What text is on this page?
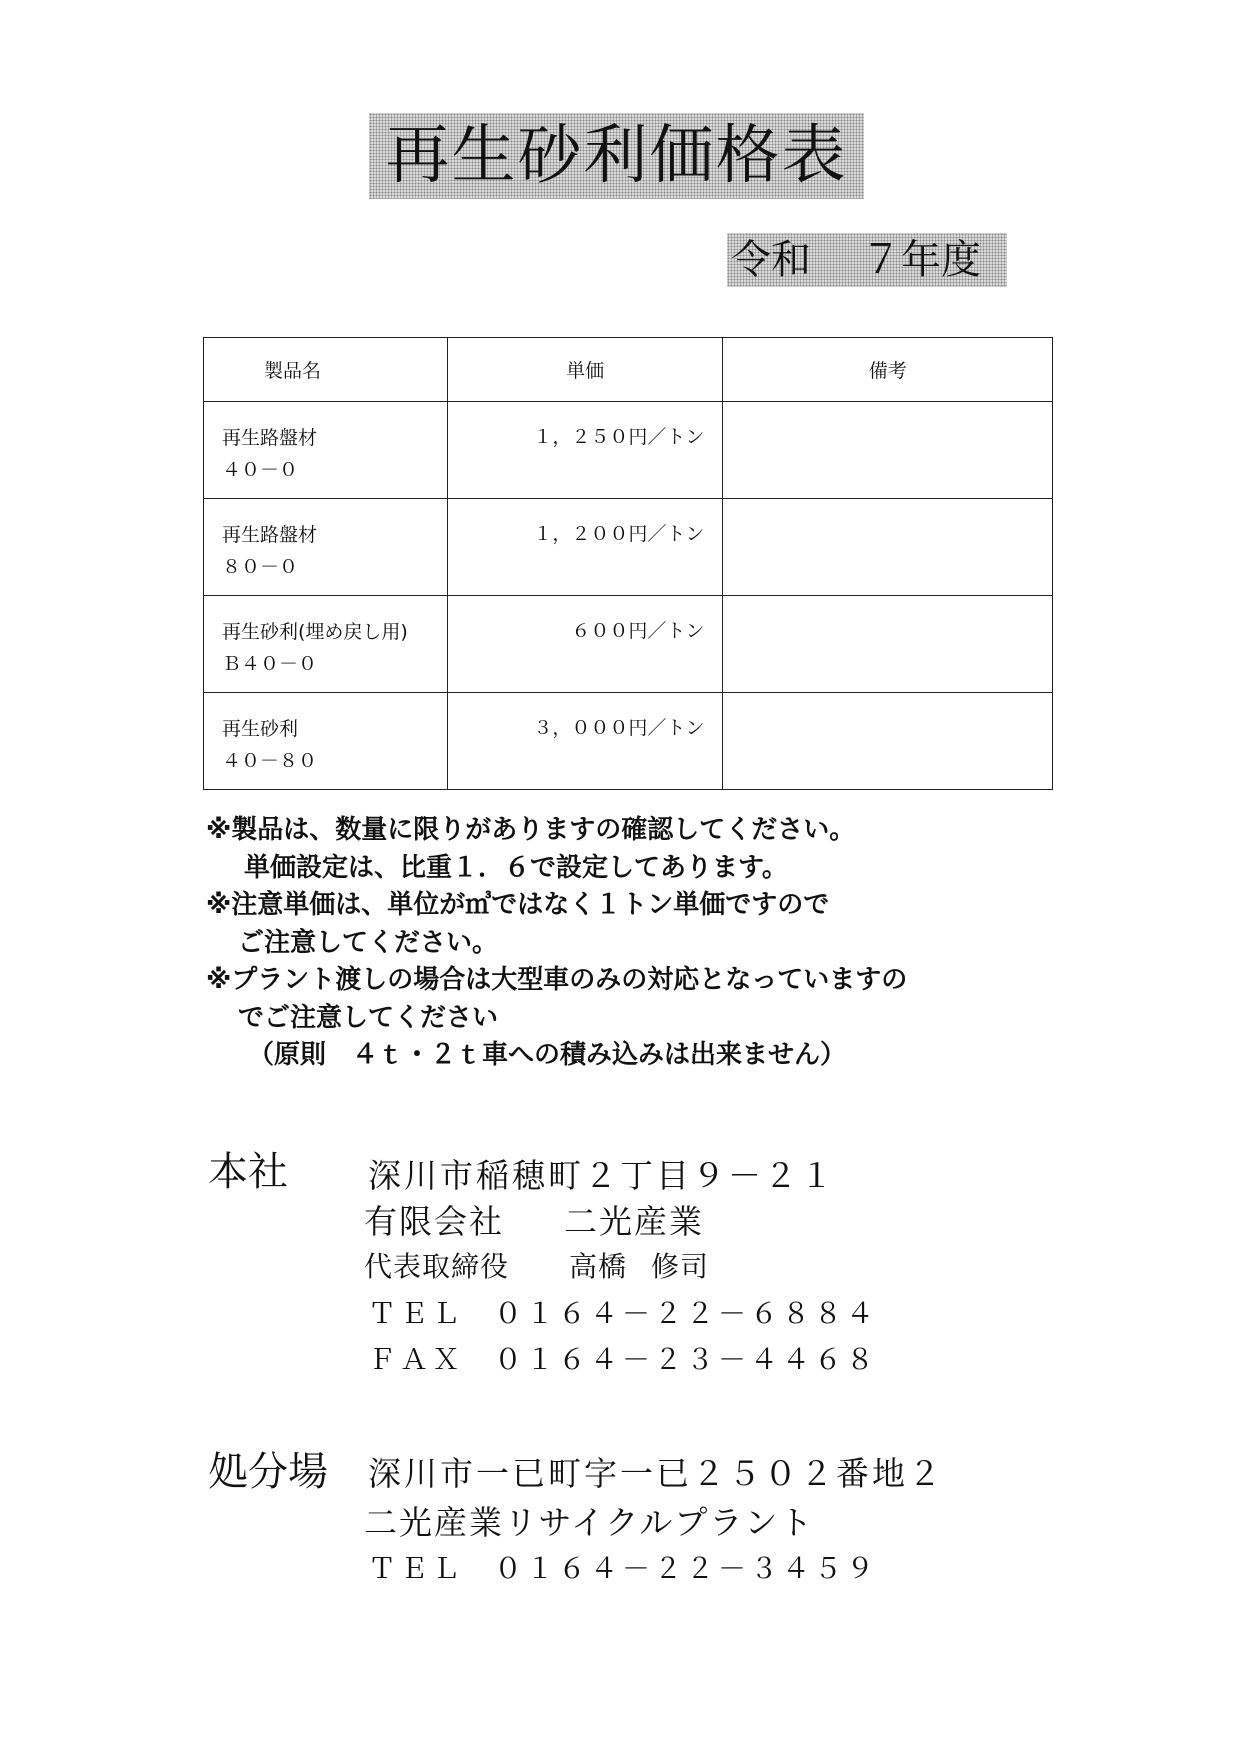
再生砂利価格表
令和 ７年度
製品名	単価	備考

再生路盤材
４０－０	１，２５０円／トン	

再生路盤材
８０－０	１，２００円／トン	

再生砂利(埋め戻し用)
Ｂ４０－０	６００円／トン	

再生砂利
４０－８０	３，０００円／トン	
※製品は、数量に限りがありますの確認してください。
単価設定は、比重１．６で設定してあります。
※注意単価は、単位が㎥ではなく１トン単価ですので
ご注意してください。
※プラント渡しの場合は大型車のみの対応となっていますの
でご注意してください
（原則　４ｔ・２ｔ車への積み込みは出来ません）
本社 深川市稲穂町２丁目９－２１
有限会社 二光産業
代表取締役 高橋 修司
ＴＥＬ ０１６４－２２－６８８４
ＦＡＸ ０１６４－２３－４４６８
処分場 深川市一已町字一已２５０２番地２
二光産業リサイクルプラント
ＴＥＬ ０１６４－２２－３４５９
